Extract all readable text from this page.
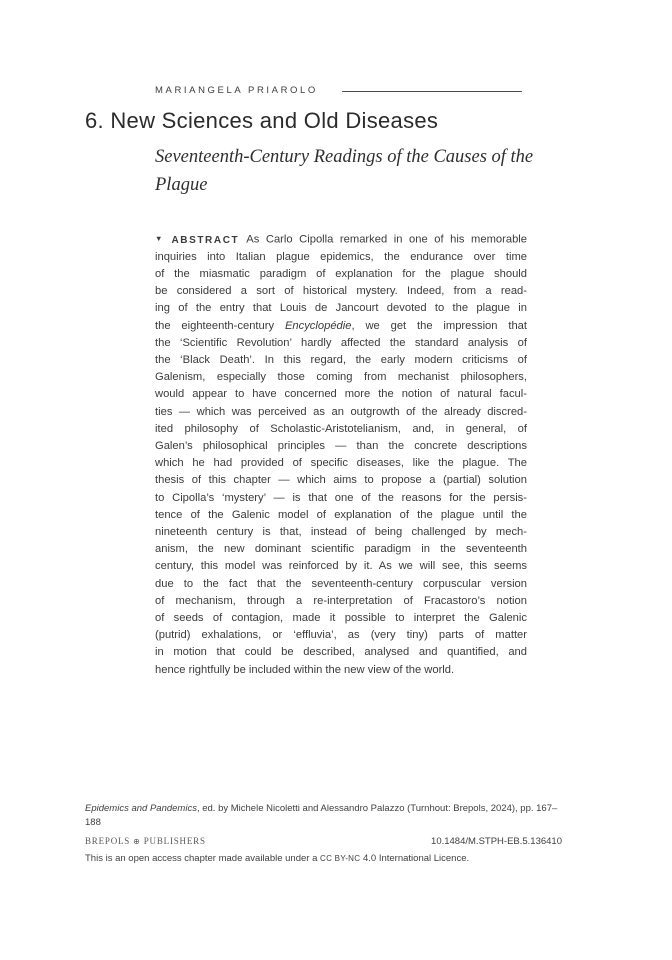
MARIANGELA PRIAROLO
6. New Sciences and Old Diseases
Seventeenth-Century Readings of the Causes of the Plague
▼ ABSTRACT As Carlo Cipolla remarked in one of his memorable
inquiries into Italian plague epidemics, the endurance over time
of the miasmatic paradigm of explanation for the plague should
be considered a sort of historical mystery. Indeed, from a read-
ing of the entry that Louis de Jancourt devoted to the plague in
the eighteenth-century Encyclopédie, we get the impression that
the ‘Scientific Revolution’ hardly affected the standard analysis of
the ‘Black Death’. In this regard, the early modern criticisms of
Galenism, especially those coming from mechanist philosophers,
would appear to have concerned more the notion of natural facul-
ties — which was perceived as an outgrowth of the already discred-
ited philosophy of Scholastic-Aristotelianism, and, in general, of
Galen’s philosophical principles — than the concrete descriptions
which he had provided of specific diseases, like the plague. The
thesis of this chapter — which aims to propose a (partial) solution
to Cipolla’s ‘mystery’ — is that one of the reasons for the persis-
tence of the Galenic model of explanation of the plague until the
nineteenth century is that, instead of being challenged by mech-
anism, the new dominant scientific paradigm in the seventeenth
century, this model was reinforced by it. As we will see, this seems
due to the fact that the seventeenth-century corpuscular version
of mechanism, through a re-interpretation of Fracastoro’s notion
of seeds of contagion, made it possible to interpret the Galenic
(putrid) exhalations, or ‘effluvia’, as (very tiny) parts of matter
in motion that could be described, analysed and quantified, and
hence rightfully be included within the new view of the world.

Epidemics and Pandemics, ed. by Michele Nicoletti and Alessandro Palazzo (Turnhout: Brepols, 2024), pp. 167–188

BREPOLS ⊕ PUBLISHERS	10.1484/M.STPH-EB.5.136410

This is an open access chapter made available under a CC BY-NC 4.0 International Licence.
